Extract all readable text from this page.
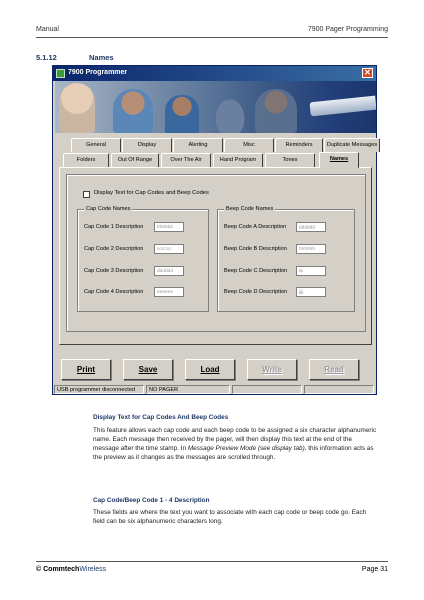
Manual	7900 Pager Programming
5.1.12	Names
7900 Programmer	✕
General	Display	Alerting	Misc	Reminders	Duplicate Messages
Folders	Out Of Range	Over The Air	Hand Program	Tones	Names
Display Text for Cap Codes and Beep Codes
Cap Code Names
Cap Code 1 Description	bbbbbb
Cap Code 2 Description	cccccc
Cap Code 3 Description	dddddd
Cap Code 4 Description	eeeeee
Beep Code Names
Beep Code A Description	gggggg
Beep Code B Description	hhhhhh
Beep Code C Description	iiii
Beep Code D Description	jjjj
Print	Save	Load	Write	Read
USB programmer disconnected	NO PAGER
Display Text for Cap Codes And Beep Codes
This feature allows each cap code and each beep code to be assigned a six character alphanumeric name. Each message then received by the pager, will then display this text at the end of the message after the time stamp. In Message Preview Mode (see display tab), this information acts as the preview as it changes as the messages are scrolled through.
Cap Code/Beep Code 1 - 4 Description
These fields are where the text you want to associate with each cap code or beep code go. Each field can be six alphanumeric characters long.
© CommtechWireless	Page 31
